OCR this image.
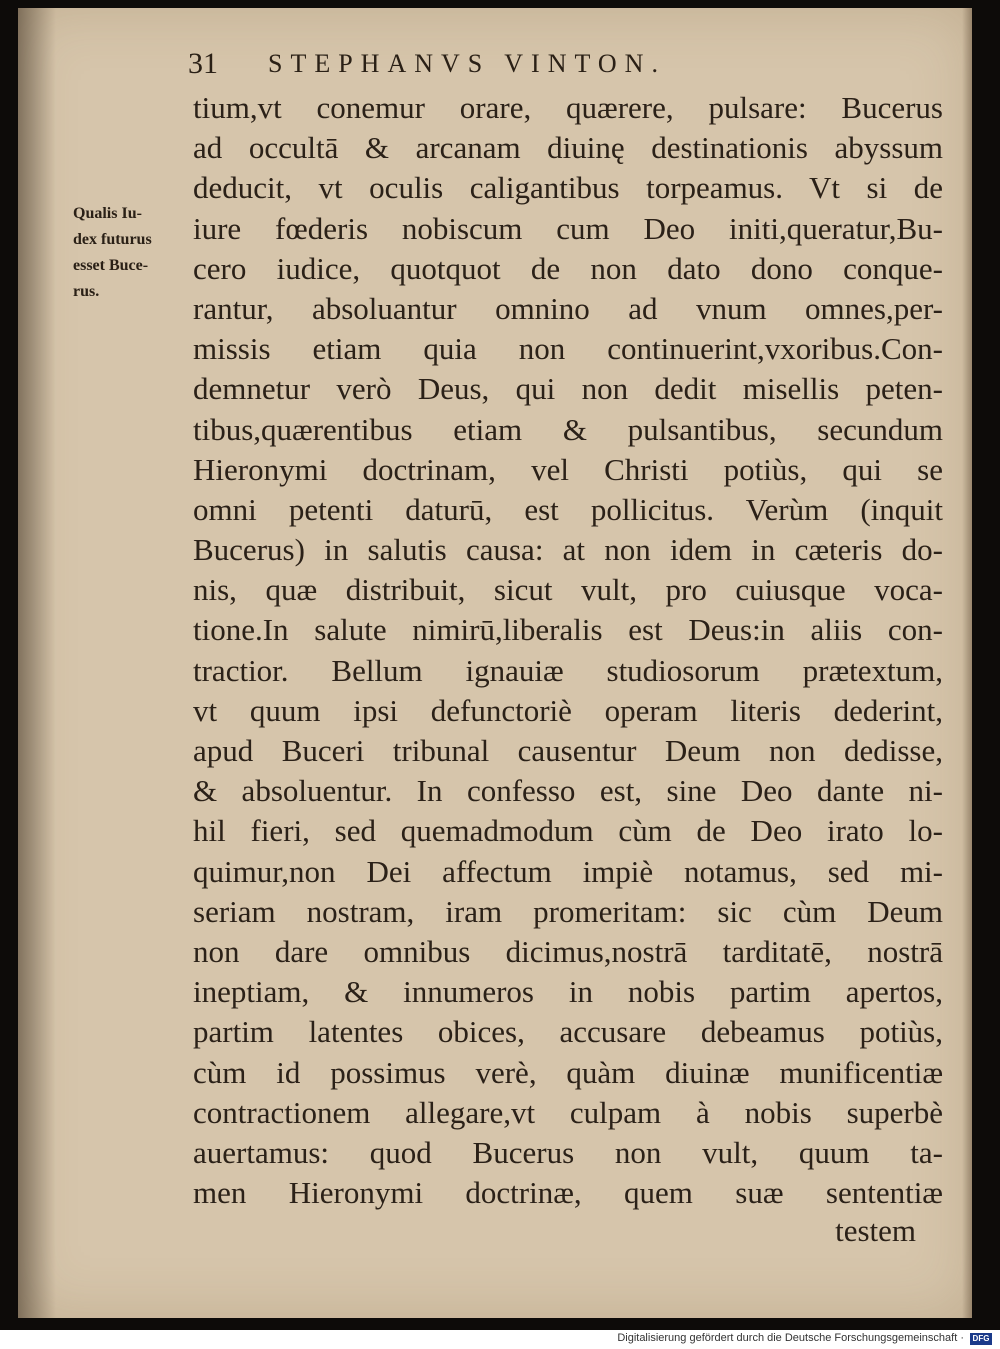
31	STEPHANVS VINTON.
Qualis Iu-
dex futurus
esset Buce-
rus.
tium,vt conemur orare, quærere, pulsare: Bucerus
ad occultā & arcanam diuinę destinationis abyssum
deducit, vt oculis caligantibus torpeamus. Vt si de
iure fœderis nobiscum cum Deo initi,queratur,Bu-
cero iudice, quotquot de non dato dono conque-
rantur, absoluantur omnino ad vnum omnes,per-
missis etiam quia non continuerint,vxoribus.Con-
demnetur verò Deus, qui non dedit misellis peten-
tibus,quærentibus etiam & pulsantibus, secundum
Hieronymi doctrinam, vel Christi potiùs, qui se
omni petenti daturū, est pollicitus. Verùm (inquit
Bucerus) in salutis causa: at non idem in cæteris do-
nis, quæ distribuit, sicut vult, pro cuiusque voca-
tione.In salute nimirū,liberalis est Deus:in aliis con-
tractior. Bellum ignauiæ studiosorum prætextum,
vt quum ipsi defunctoriè operam literis dederint,
apud Buceri tribunal causentur Deum non dedisse,
& absoluentur. In confesso est, sine Deo dante ni-
hil fieri, sed quemadmodum cùm de Deo irato lo-
quimur,non Dei affectum impiè notamus, sed mi-
seriam nostram, iram promeritam: sic cùm Deum
non dare omnibus dicimus,nostrā tarditatē, nostrā
ineptiam, & innumeros in nobis partim apertos,
partim latentes obices, accusare debeamus potiùs,
cùm id possimus verè, quàm diuinæ munificentiæ
contractionem allegare,vt culpam à nobis superbè
auertamus: quod Bucerus non vult, quum ta-
men Hieronymi doctrinæ, quem suæ sententiæ
testem
Digitalisierung gefördert durch die Deutsche Forschungsgemeinschaft ·	DFG
